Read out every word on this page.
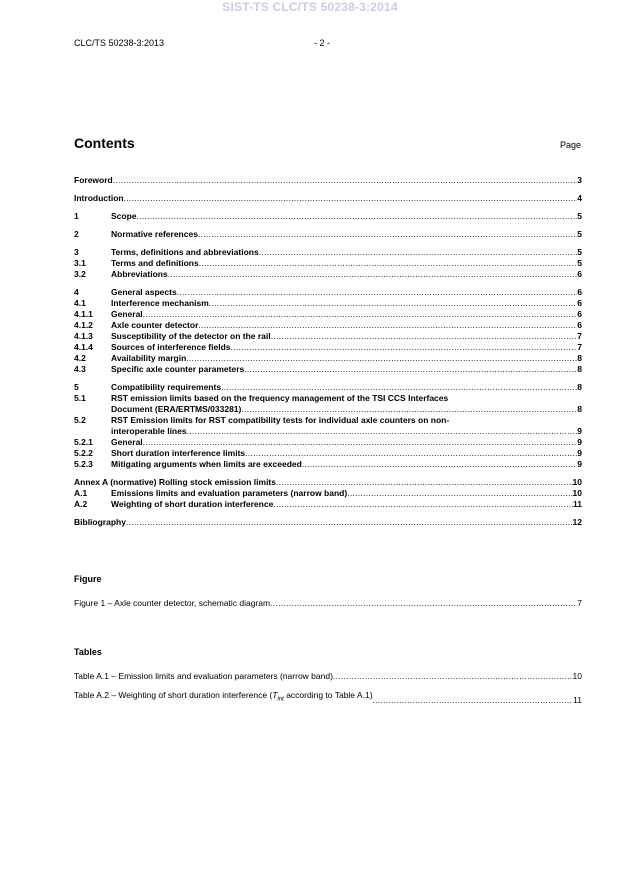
SIST-TS CLC/TS 50238-3:2014
CLC/TS 50238-3:2013	- 2 -
Contents	Page
Foreword .....	3
Introduction .....	4
1	Scope .....	5
2	Normative references .....	5
3	Terms, definitions and abbreviations .....	5
3.1	Terms and definitions .....	5
3.2	Abbreviations .....	6
4	General aspects .....	6
4.1	Interference mechanism .....	6
4.1.1	General .....	6
4.1.2	Axle counter detector .....	6
4.1.3	Susceptibility of the detector on the rail .....	7
4.1.4	Sources of interference fields .....	7
4.2	Availability margin .....	8
4.3	Specific axle counter parameters .....	8
5	Compatibility requirements .....	8
5.1	RST emission limits based on the frequency management of the TSI CCS Interfaces
Document (ERA/ERTMS/033281) .....	8
5.2	RST Emission limits for RST compatibility tests for individual axle counters on non-
interoperable lines .....	9
5.2.1	General .....	9
5.2.2	Short duration interference limits .....	9
5.2.3	Mitigating arguments when limits are exceeded .....	9
Annex A (normative) Rolling stock emission limits .....	10
A.1	Emissions limits and evaluation parameters (narrow band) .....	10
A.2	Weighting of short duration interference .....	11
Bibliography .....	12
Figure
Figure 1 – Axle counter detector, schematic diagram .....	7
Tables
Table A.1 – Emission limits and evaluation parameters (narrow band) .....	10
Table A.2 – Weighting of short duration interference ($T_{int}$ according to Table A.1) .....	11
